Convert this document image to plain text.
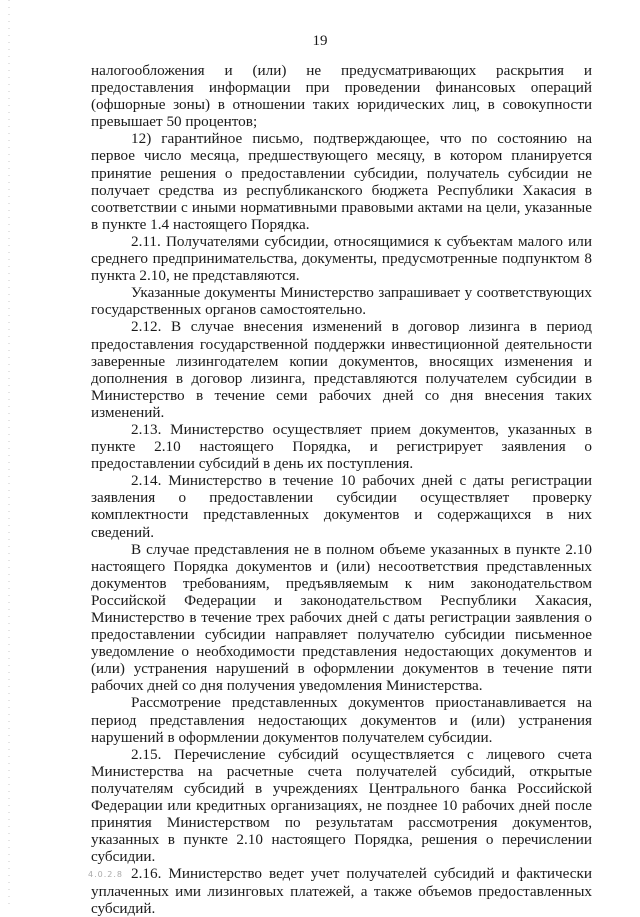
19

налогообложения и (или) не предусматривающих раскрытия и предоставления информации при проведении финансовых операций (офшорные зоны) в отношении таких юридических лиц, в совокупности превышает 50 процентов;

12) гарантийное письмо, подтверждающее, что по состоянию на первое число месяца, предшествующего месяцу, в котором планируется принятие решения о предоставлении субсидии, получатель субсидии не получает средства из республиканского бюджета Республики Хакасия в соответствии с иными нормативными правовыми актами на цели, указанные в пункте 1.4 настоящего Порядка.

2.11. Получателями субсидии, относящимися к субъектам малого или среднего предпринимательства, документы, предусмотренные подпунктом 8 пункта 2.10, не представляются.

Указанные документы Министерство запрашивает у соответствующих государственных органов самостоятельно.

2.12. В случае внесения изменений в договор лизинга в период предоставления государственной поддержки инвестиционной деятельности заверенные лизингодателем копии документов, вносящих изменения и дополнения в договор лизинга, представляются получателем субсидии в Министерство в течение семи рабочих дней со дня внесения таких изменений.

2.13. Министерство осуществляет прием документов, указанных в пункте 2.10 настоящего Порядка, и регистрирует заявления о предоставлении субсидий в день их поступления.

2.14. Министерство в течение 10 рабочих дней с даты регистрации заявления о предоставлении субсидии осуществляет проверку комплектности представленных документов и содержащихся в них сведений.

В случае представления не в полном объеме указанных в пункте 2.10 настоящего Порядка документов и (или) несоответствия представленных документов требованиям, предъявляемым к ним законодательством Российской Федерации и законодательством Республики Хакасия, Министерство в течение трех рабочих дней с даты регистрации заявления о предоставлении субсидии направляет получателю субсидии письменное уведомление о необходимости представления недостающих документов и (или) устранения нарушений в оформлении документов в течение пяти рабочих дней со дня получения уведомления Министерства.

Рассмотрение представленных документов приостанавливается на период представления недостающих документов и (или) устранения нарушений в оформлении документов получателем субсидии.

2.15. Перечисление субсидий осуществляется с лицевого счета Министерства на расчетные счета получателей субсидий, открытые получателям субсидий в учреждениях Центрального банка Российской Федерации или кредитных организациях, не позднее 10 рабочих дней после принятия Министерством по результатам рассмотрения документов, указанных в пункте 2.10 настоящего Порядка, решения о перечислении субсидии.

2.16. Министерство ведет учет получателей субсидий и фактически уплаченных ими лизинговых платежей, а также объемов предоставленных субсидий.

4.0.2.8
